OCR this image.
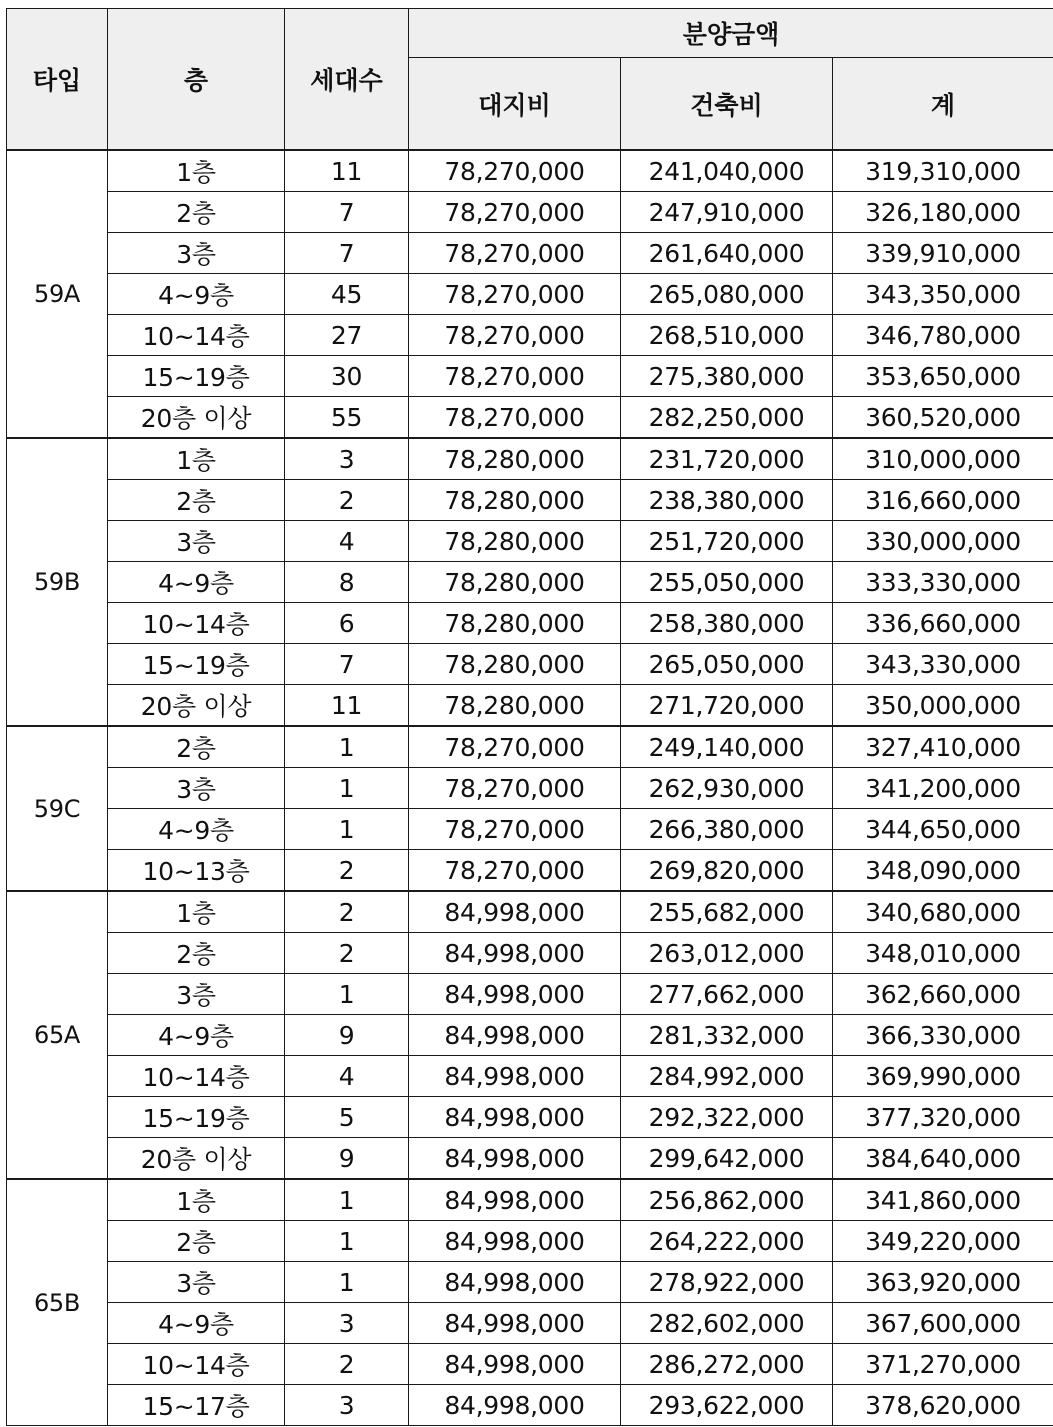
타입	층	세대수	분양금액		
			대지비	건축비	계
59A	1층	11	78,270,000	241,040,000	319,310,000
	2층	7	78,270,000	247,910,000	326,180,000
	3층	7	78,270,000	261,640,000	339,910,000
	4~9층	45	78,270,000	265,080,000	343,350,000
	10~14층	27	78,270,000	268,510,000	346,780,000
	15~19층	30	78,270,000	275,380,000	353,650,000
	20층 이상	55	78,270,000	282,250,000	360,520,000
59B	1층	3	78,280,000	231,720,000	310,000,000
	2층	2	78,280,000	238,380,000	316,660,000
	3층	4	78,280,000	251,720,000	330,000,000
	4~9층	8	78,280,000	255,050,000	333,330,000
	10~14층	6	78,280,000	258,380,000	336,660,000
	15~19층	7	78,280,000	265,050,000	343,330,000
	20층 이상	11	78,280,000	271,720,000	350,000,000
59C	2층	1	78,270,000	249,140,000	327,410,000
	3층	1	78,270,000	262,930,000	341,200,000
	4~9층	1	78,270,000	266,380,000	344,650,000
	10~13층	2	78,270,000	269,820,000	348,090,000
65A	1층	2	84,998,000	255,682,000	340,680,000
	2층	2	84,998,000	263,012,000	348,010,000
	3층	1	84,998,000	277,662,000	362,660,000
	4~9층	9	84,998,000	281,332,000	366,330,000
	10~14층	4	84,998,000	284,992,000	369,990,000
	15~19층	5	84,998,000	292,322,000	377,320,000
	20층 이상	9	84,998,000	299,642,000	384,640,000
65B	1층	1	84,998,000	256,862,000	341,860,000
	2층	1	84,998,000	264,222,000	349,220,000
	3층	1	84,998,000	278,922,000	363,920,000
	4~9층	3	84,998,000	282,602,000	367,600,000
	10~14층	2	84,998,000	286,272,000	371,270,000
	15~17층	3	84,998,000	293,622,000	378,620,000
